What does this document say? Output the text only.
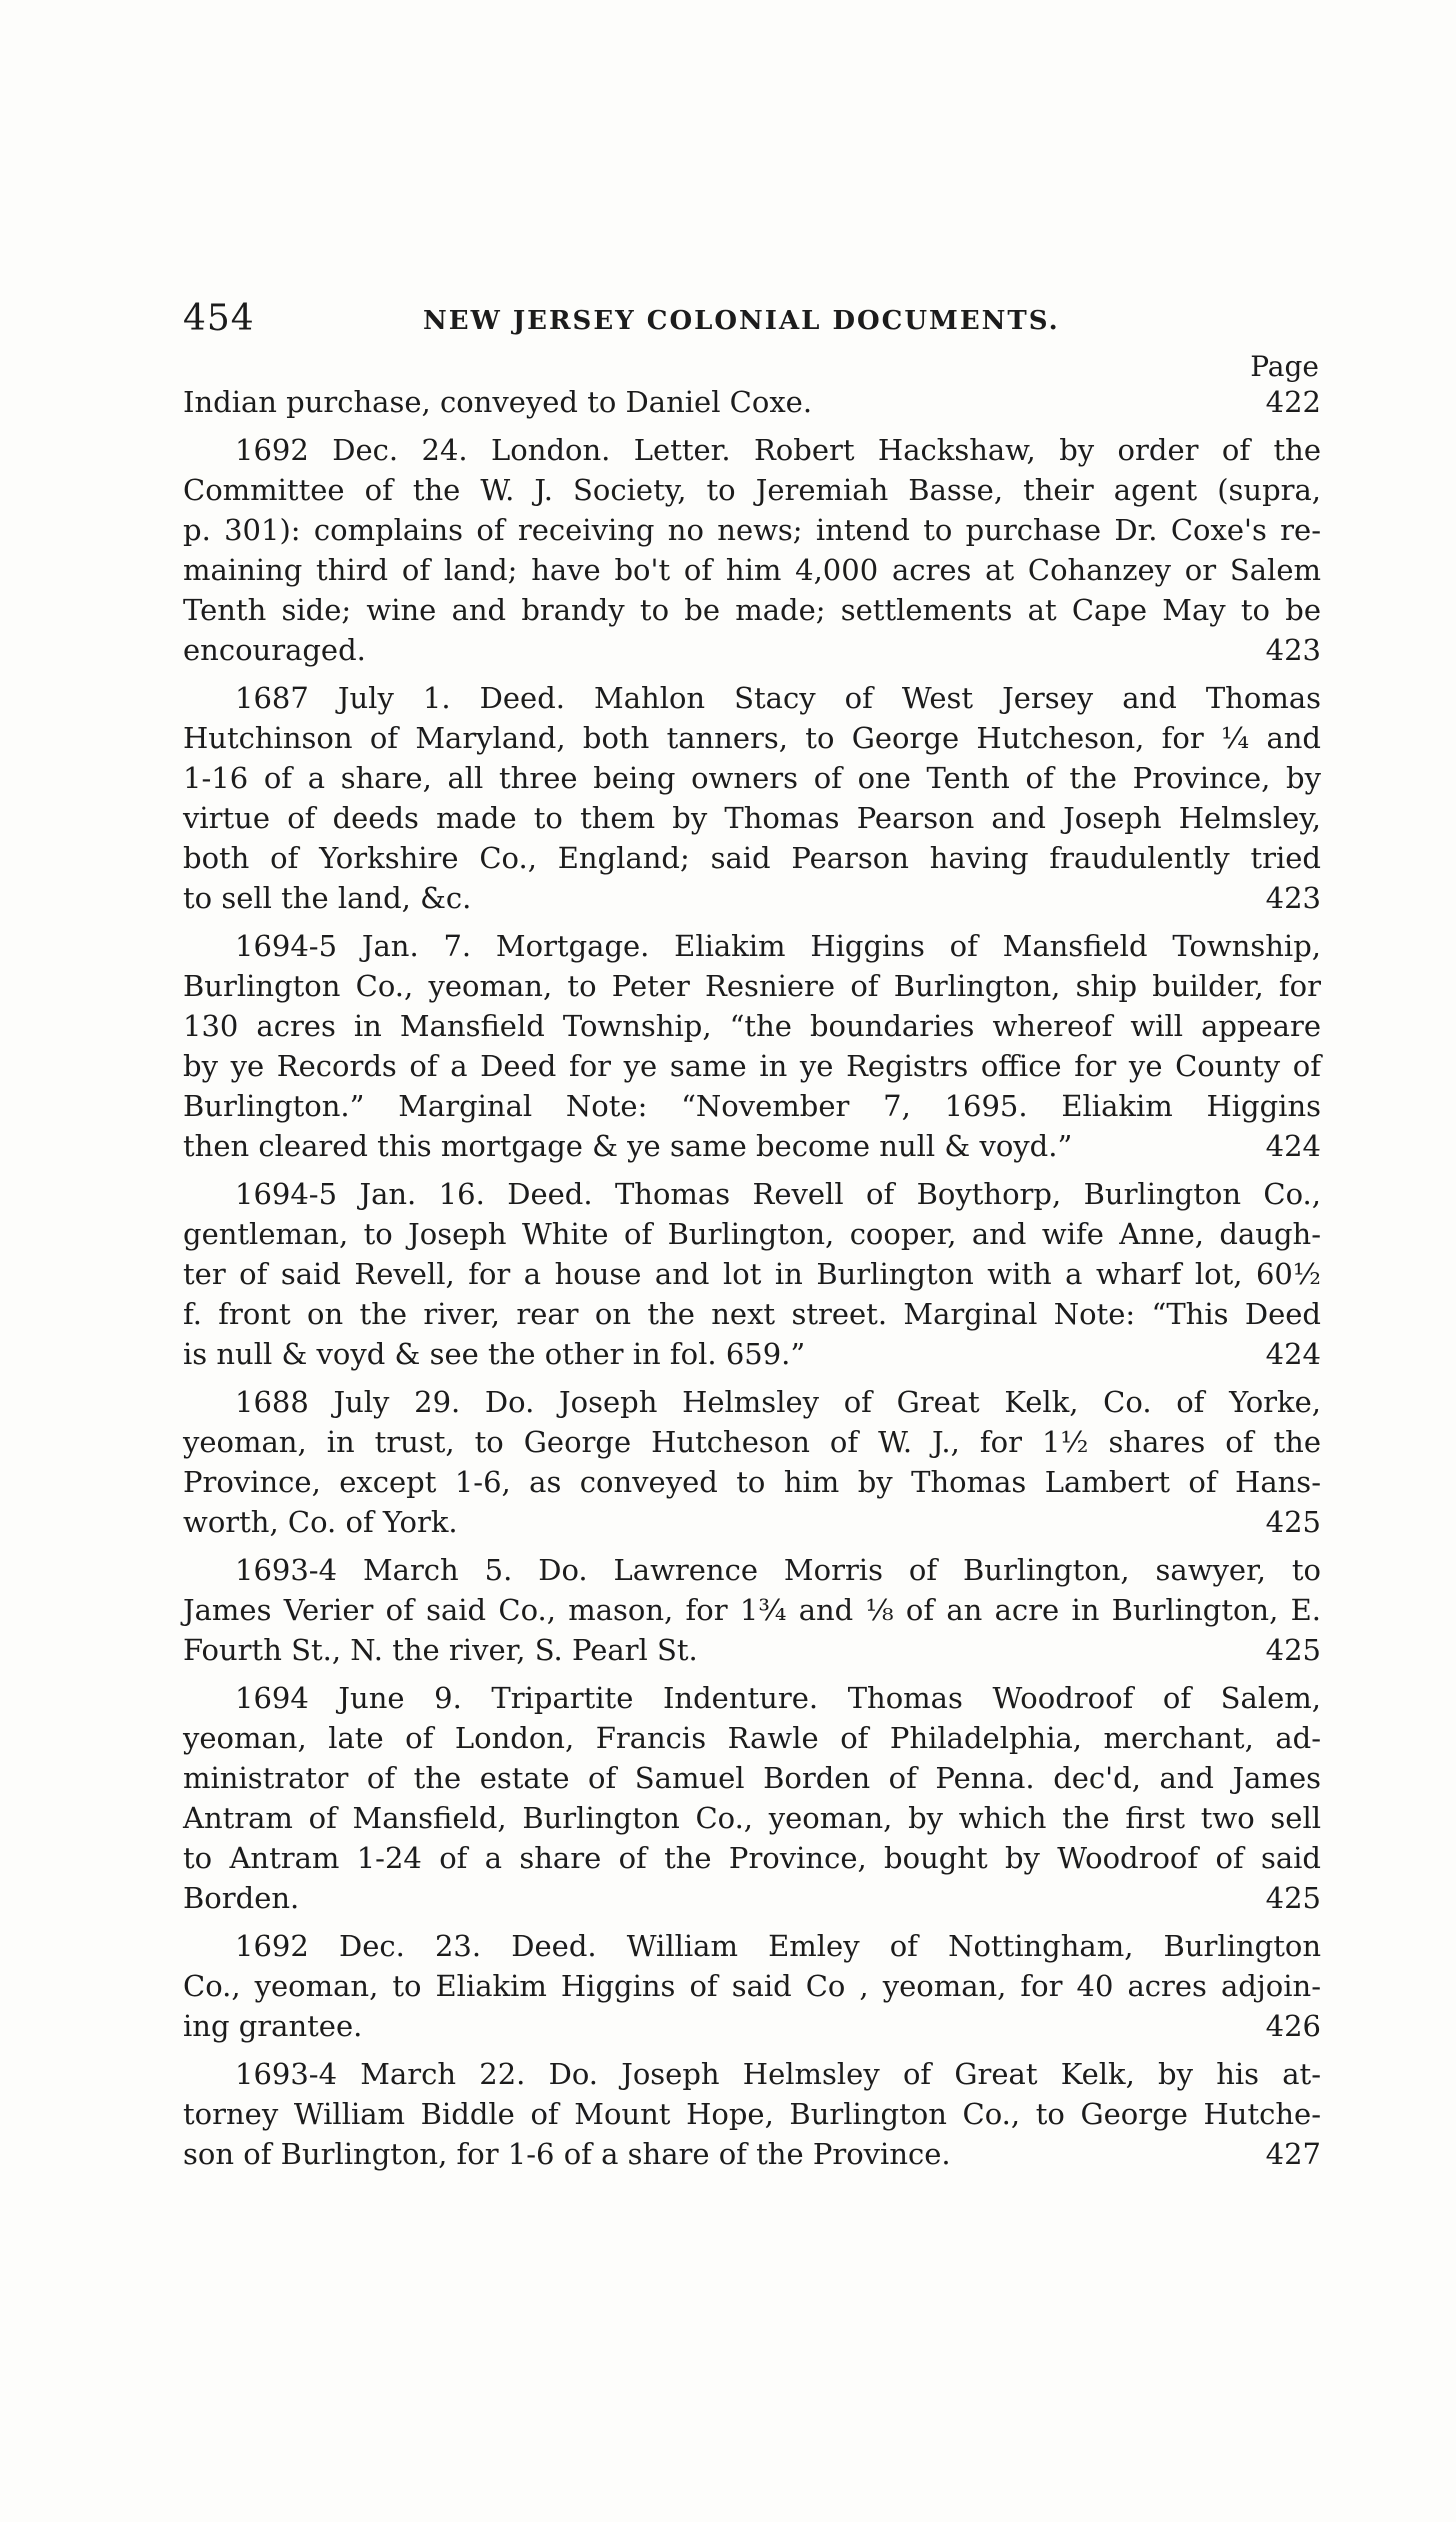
454	NEW JERSEY COLONIAL DOCUMENTS.
Page
Indian purchase, conveyed to Daniel Coxe.	422
1692 Dec. 24. London. Letter. Robert Hackshaw, by order of the
Committee of the W. J. Society, to Jeremiah Basse, their agent (supra,
p. 301): complains of receiving no news; intend to purchase Dr. Coxe's re-
maining third of land; have bo't of him 4,000 acres at Cohanzey or Salem
Tenth side; wine and brandy to be made; settlements at Cape May to be
encouraged.	423
1687 July 1. Deed. Mahlon Stacy of West Jersey and Thomas
Hutchinson of Maryland, both tanners, to George Hutcheson, for ¼ and
1-16 of a share, all three being owners of one Tenth of the Province, by
virtue of deeds made to them by Thomas Pearson and Joseph Helmsley,
both of Yorkshire Co., England; said Pearson having fraudulently tried
to sell the land, &c.	423
1694-5 Jan. 7. Mortgage. Eliakim Higgins of Mansfield Township,
Burlington Co., yeoman, to Peter Resniere of Burlington, ship builder, for
130 acres in Mansfield Township, “the boundaries whereof will appeare
by ye Records of a Deed for ye same in ye Registrs office for ye County of
Burlington.” Marginal Note: “November 7, 1695. Eliakim Higgins
then cleared this mortgage & ye same become null & voyd.”	424
1694-5 Jan. 16. Deed. Thomas Revell of Boythorp, Burlington Co.,
gentleman, to Joseph White of Burlington, cooper, and wife Anne, daugh-
ter of said Revell, for a house and lot in Burlington with a wharf lot, 60½
f. front on the river, rear on the next street. Marginal Note: “This Deed
is null & voyd & see the other in fol. 659.”	424
1688 July 29. Do. Joseph Helmsley of Great Kelk, Co. of Yorke,
yeoman, in trust, to George Hutcheson of W. J., for 1½ shares of the
Province, except 1-6, as conveyed to him by Thomas Lambert of Hans-
worth, Co. of York.	425
1693-4 March 5. Do. Lawrence Morris of Burlington, sawyer, to
James Verier of said Co., mason, for 1¾ and ⅛ of an acre in Burlington, E.
Fourth St., N. the river, S. Pearl St.	425
1694 June 9. Tripartite Indenture. Thomas Woodroof of Salem,
yeoman, late of London, Francis Rawle of Philadelphia, merchant, ad-
ministrator of the estate of Samuel Borden of Penna. dec'd, and James
Antram of Mansfield, Burlington Co., yeoman, by which the first two sell
to Antram 1-24 of a share of the Province, bought by Woodroof of said
Borden.	425
1692 Dec. 23. Deed. William Emley of Nottingham, Burlington
Co., yeoman, to Eliakim Higgins of said Co , yeoman, for 40 acres adjoin-
ing grantee.	426
1693-4 March 22. Do. Joseph Helmsley of Great Kelk, by his at-
torney William Biddle of Mount Hope, Burlington Co., to George Hutche-
son of Burlington, for 1-6 of a share of the Province.	427
